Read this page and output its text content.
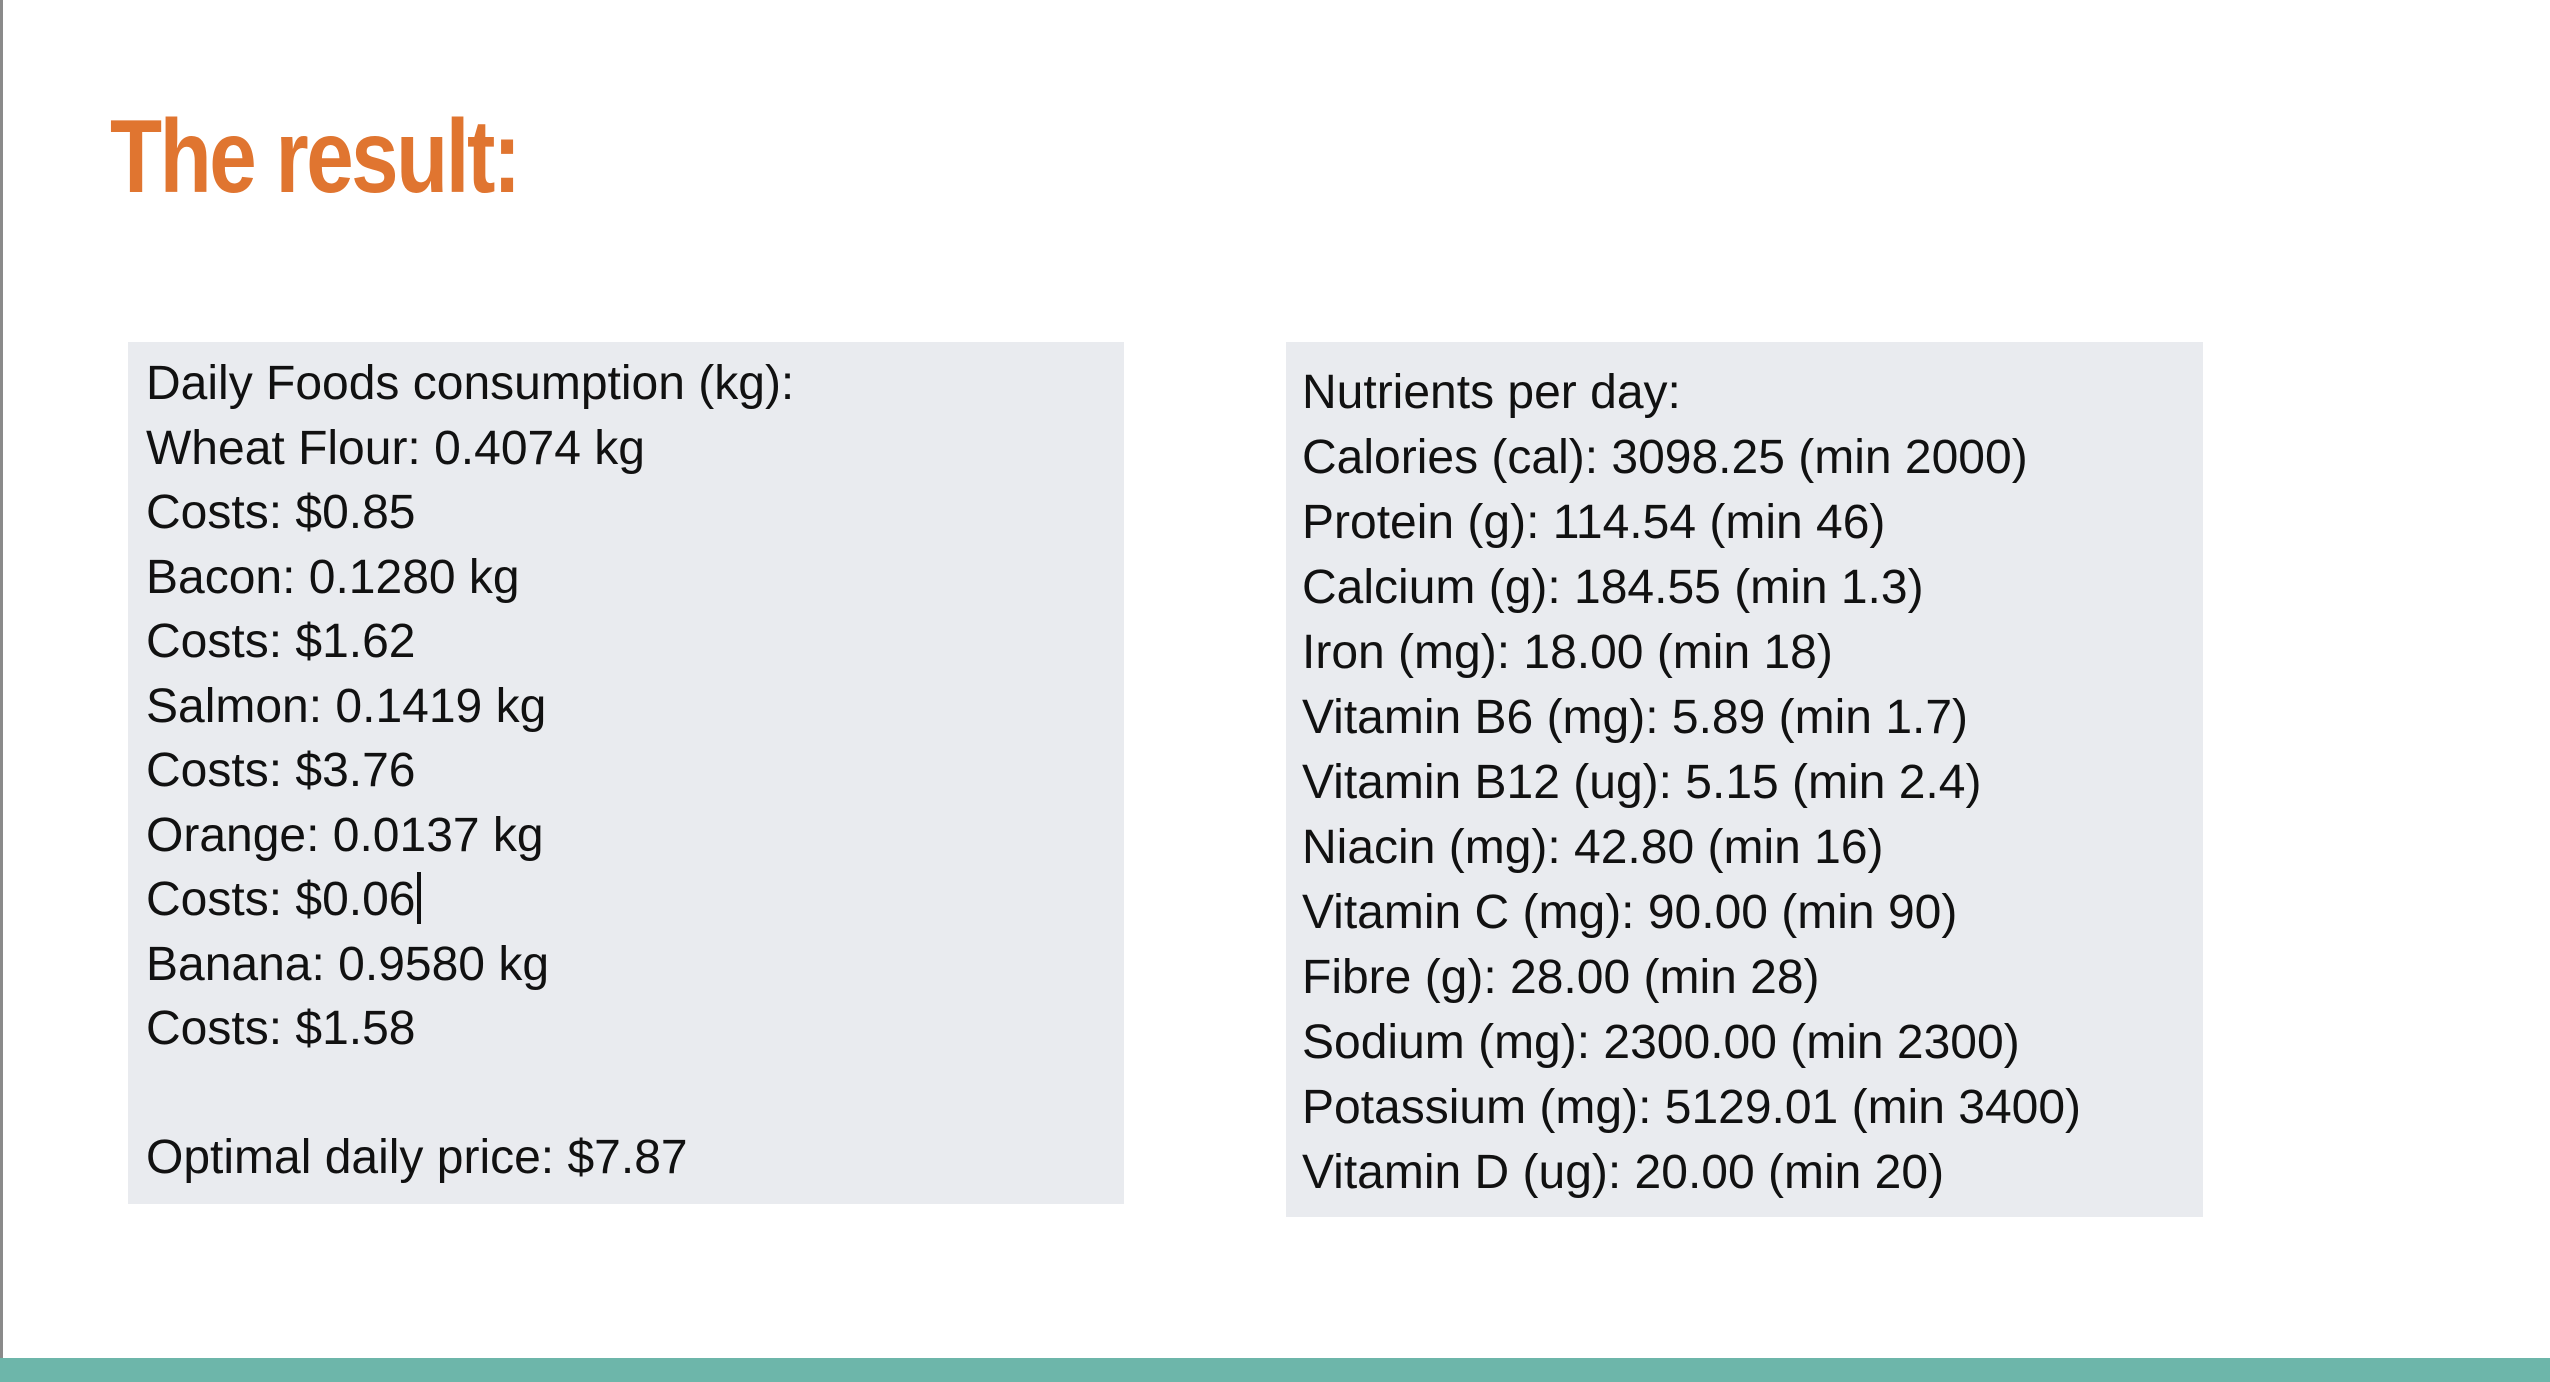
The result:
Daily Foods consumption (kg):
Wheat Flour: 0.4074 kg
Costs: $0.85
Bacon: 0.1280 kg
Costs: $1.62
Salmon: 0.1419 kg
Costs: $3.76
Orange: 0.0137 kg
Costs: $0.06
Banana: 0.9580 kg
Costs: $1.58
Optimal daily price: $7.87
Nutrients per day:
Calories (cal): 3098.25 (min 2000)
Protein (g): 114.54 (min 46)
Calcium (g): 184.55 (min 1.3)
Iron (mg): 18.00 (min 18)
Vitamin B6 (mg): 5.89 (min 1.7)
Vitamin B12 (ug): 5.15 (min 2.4)
Niacin (mg): 42.80 (min 16)
Vitamin C (mg): 90.00 (min 90)
Fibre (g): 28.00 (min 28)
Sodium (mg): 2300.00 (min 2300)
Potassium (mg): 5129.01 (min 3400)
Vitamin D (ug): 20.00 (min 20)
